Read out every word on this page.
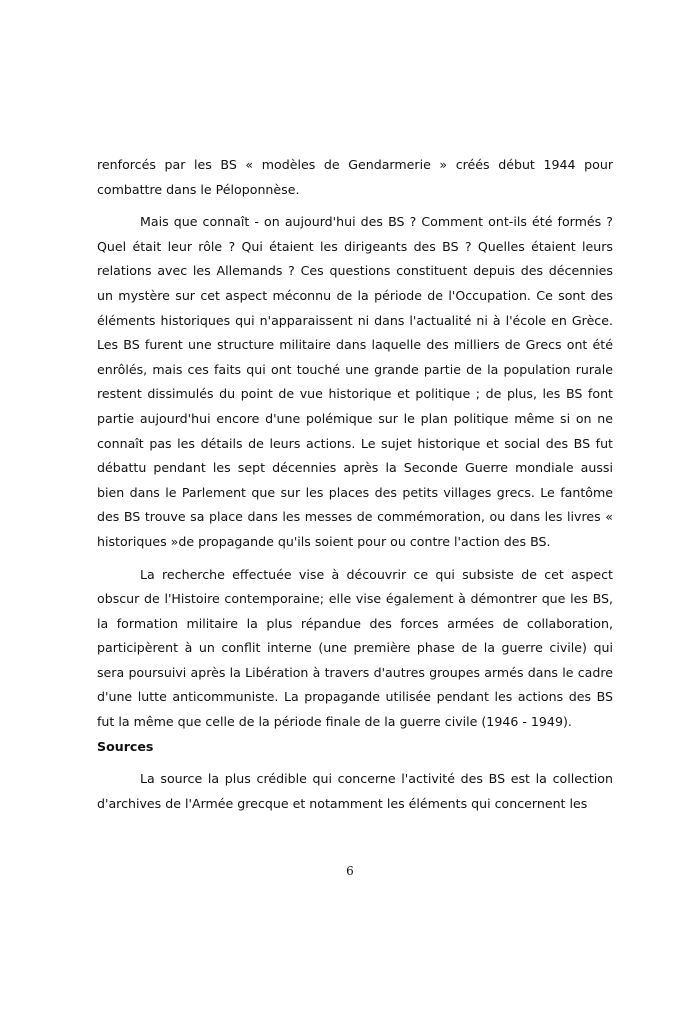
renforcés par les BS « modèles de Gendarmerie » créés début 1944 pour combattre dans le Péloponnèse.

Mais que connaît - on aujourd'hui des BS ? Comment ont-ils été formés ? Quel était leur rôle ? Qui étaient les dirigeants des BS ? Quelles étaient leurs relations avec les Allemands ? Ces questions constituent depuis des décennies un mystère sur cet aspect méconnu de la période de l'Occupation. Ce sont des éléments historiques qui n'apparaissent ni dans l'actualité ni à l'école en Grèce. Les BS furent une structure militaire dans laquelle des milliers de Grecs ont été enrôlés, mais ces faits qui ont touché une grande partie de la population rurale restent dissimulés du point de vue historique et politique ; de plus, les BS font partie aujourd'hui encore d'une polémique sur le plan politique même si on ne connaît pas les détails de leurs actions. Le sujet historique et social des BS fut débattu pendant les sept décennies après la Seconde Guerre mondiale aussi bien dans le Parlement que sur les places des petits villages grecs. Le fantôme des BS trouve sa place dans les messes de commémoration, ou dans les livres « historiques »de propagande qu'ils soient pour ou contre l'action des BS.

La recherche effectuée vise à découvrir ce qui subsiste de cet aspect obscur de l'Histoire contemporaine; elle vise également à démontrer que les BS, la formation militaire la plus répandue des forces armées de collaboration, participèrent à un conflit interne (une première phase de la guerre civile) qui sera poursuivi après la Libération à travers d'autres groupes armés dans le cadre d'une lutte anticommuniste. La propagande utilisée pendant les actions des BS fut la même que celle de la période finale de la guerre civile (1946 - 1949).

Sources

La source la plus crédible qui concerne l'activité des BS est la collection d'archives de l'Armée grecque et notamment les éléments qui concernent les

6
